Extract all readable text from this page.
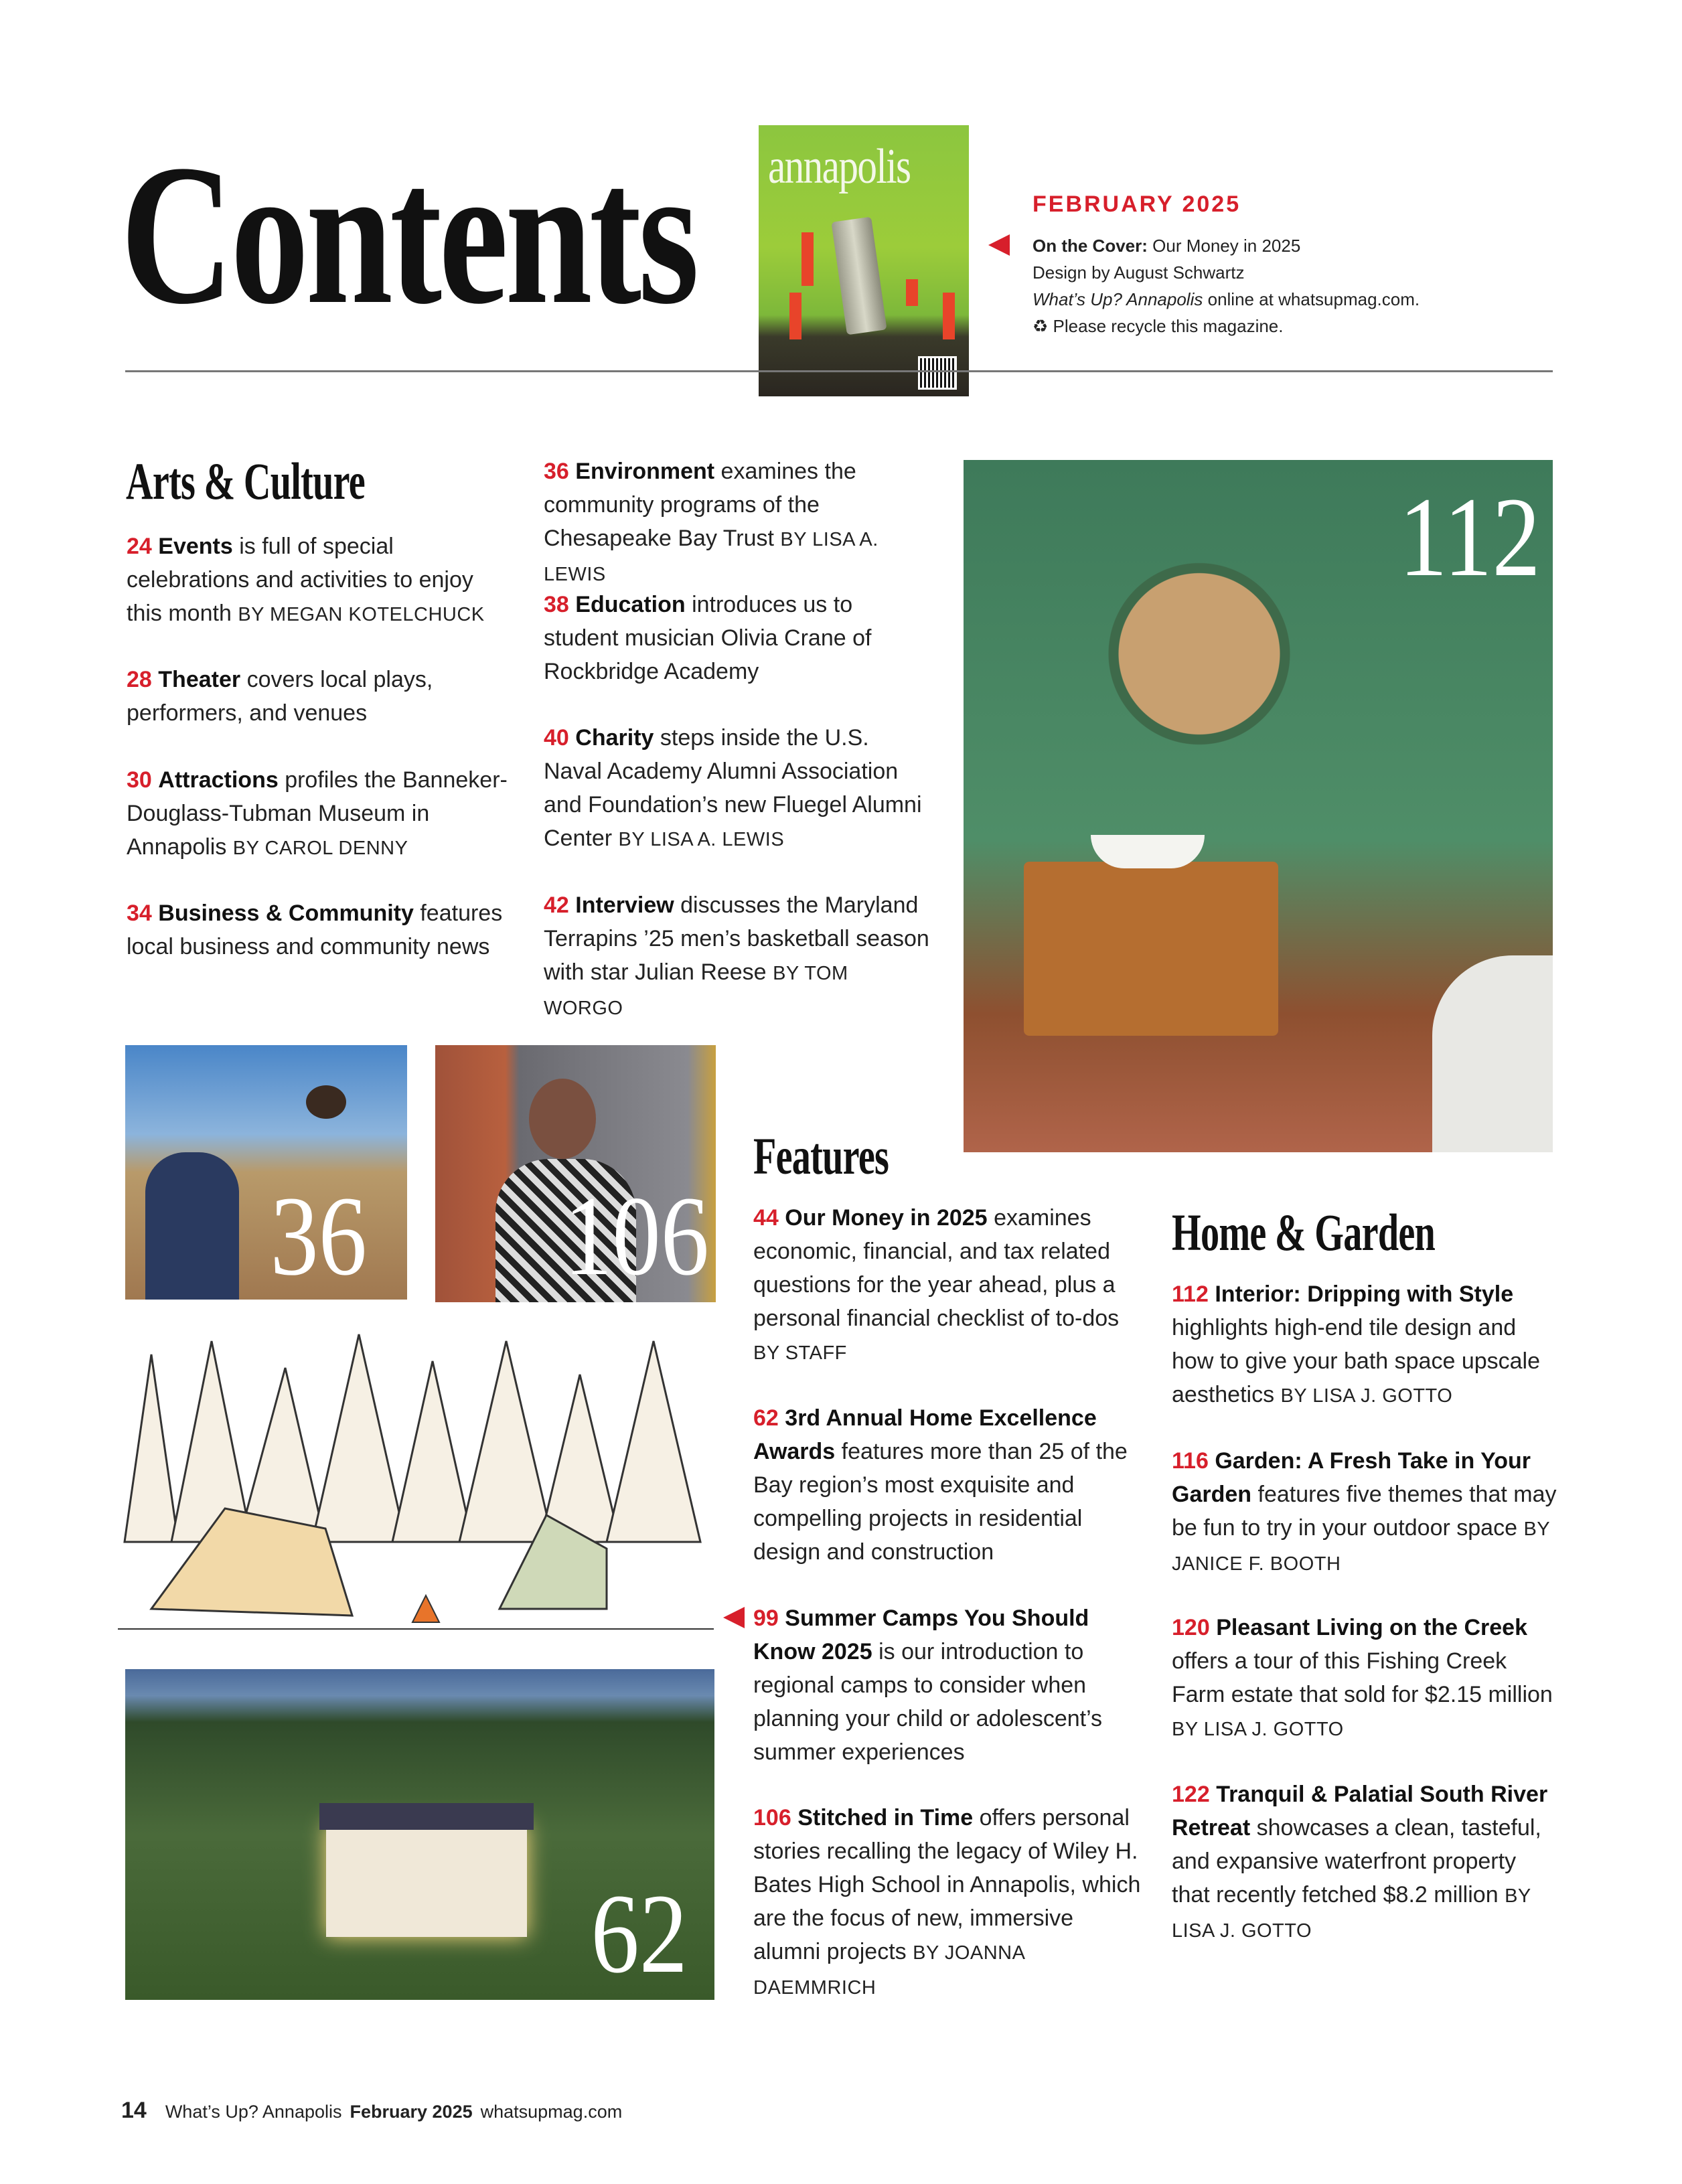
Contents annapolis
FEBRUARY 2025
On the Cover: Our Money in 2025
Design by August Schwartz
What’s Up? Annapolis online at whatsupmag.com.
♻ Please recycle this magazine.
Arts & Culture
24 Events is full of special celebrations and activities to enjoy this month BY MEGAN KOTELCHUCK
28 Theater covers local plays, performers, and venues
30 Attractions profiles the Banneker-Douglass-Tubman Museum in Annapolis BY CAROL DENNY
34 Business & Community features local business and community news
36 Environment examines the community programs of the Chesapeake Bay Trust BY LISA A. LEWIS
38 Education introduces us to student musician Olivia Crane of Rockbridge Academy
40 Charity steps inside the U.S. Naval Academy Alumni Association and Foundation’s new Fluegel Alumni Center BY LISA A. LEWIS
42 Interview discusses the Maryland Terrapins ’25 men’s basketball season with star Julian Reese BY TOM WORGO
112
36 106
62
Features
44 Our Money in 2025 examines economic, financial, and tax related questions for the year ahead, plus a personal financial checklist of to-dos BY STAFF
62 3rd Annual Home Excellence Awards features more than 25 of the Bay region’s most exquisite and compelling projects in residential design and construction
99 Summer Camps You Should Know 2025 is our introduction to regional camps to consider when planning your child or adolescent’s summer experiences
106 Stitched in Time offers personal stories recalling the legacy of Wiley H. Bates High School in Annapolis, which are the focus of new, immersive alumni projects BY JOANNA DAEMMRICH
Home & Garden
112 Interior: Dripping with Style highlights high-end tile design and how to give your bath space upscale aesthetics BY LISA J. GOTTO
116 Garden: A Fresh Take in Your Garden features five themes that may be fun to try in your outdoor space BY JANICE F. BOOTH
120 Pleasant Living on the Creek offers a tour of this Fishing Creek Farm estate that sold for $2.15 million BY LISA J. GOTTO
122 Tranquil & Palatial South River Retreat showcases a clean, tasteful, and expansive waterfront property that recently fetched $8.2 million BY LISA J. GOTTO
14 What’s Up? Annapolis February 2025 whatsupmag.com
